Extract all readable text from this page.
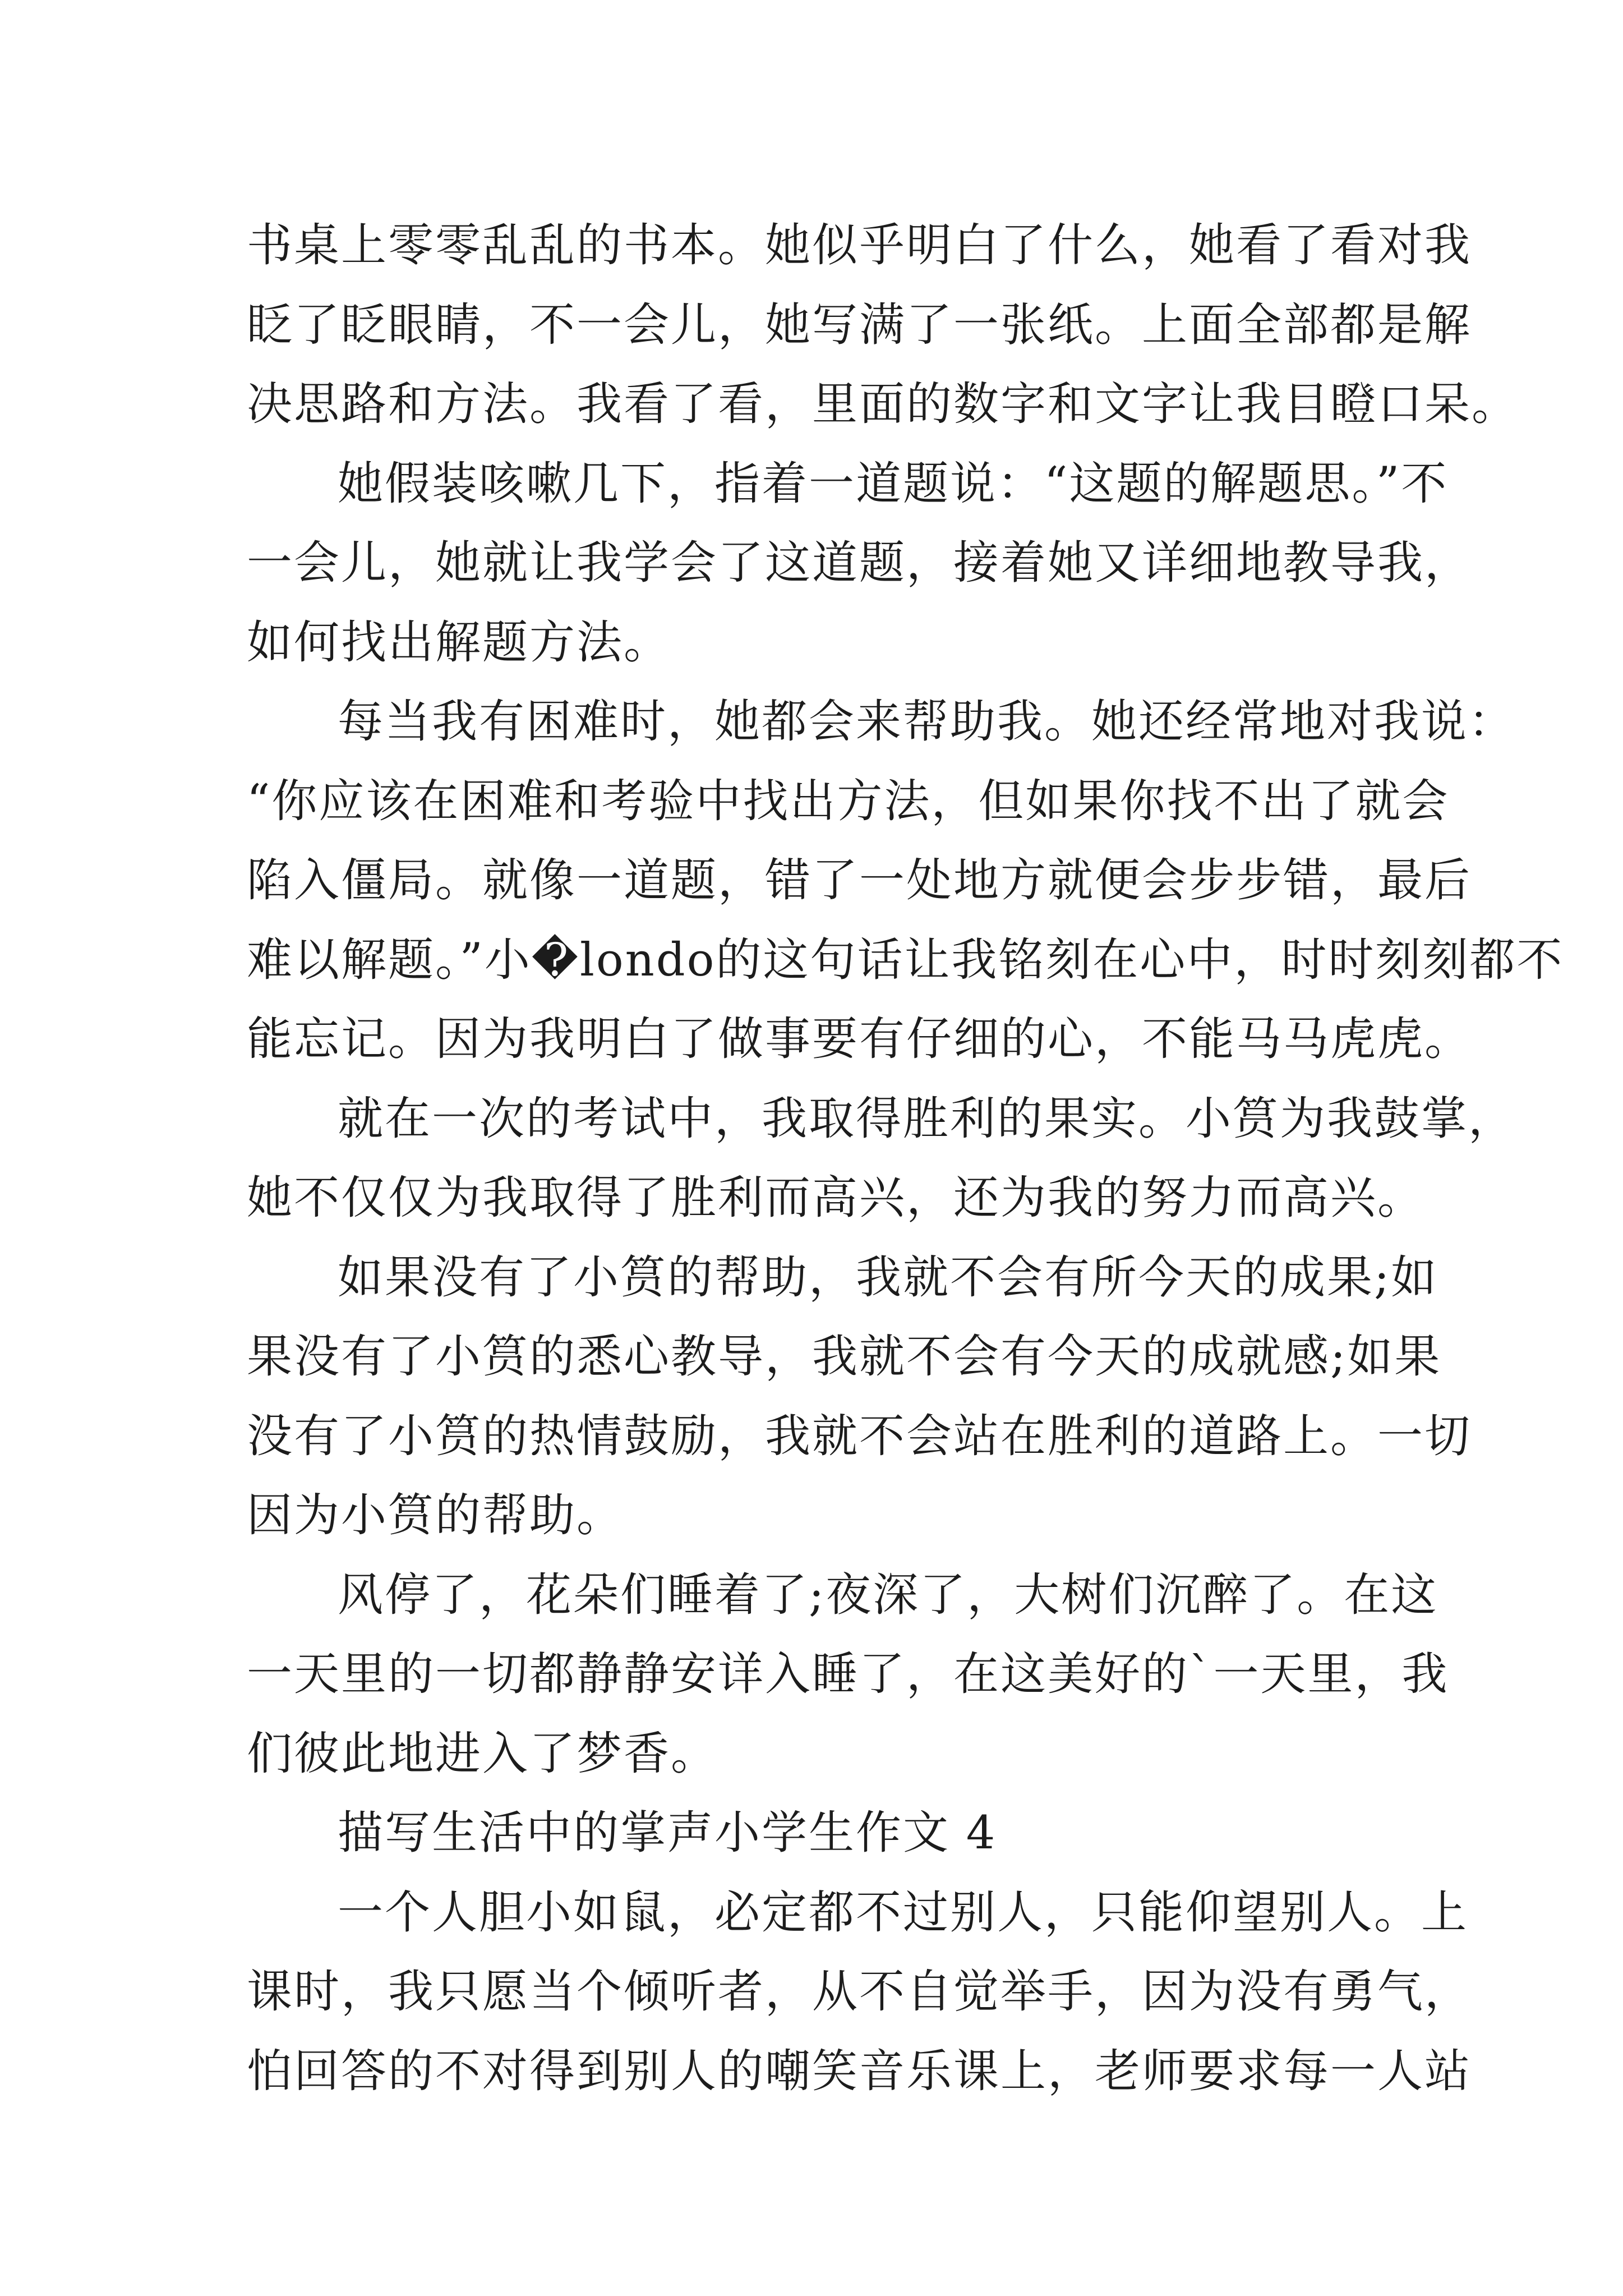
书桌上零零乱乱的书本。她似乎明白了什么，她看了看对我
眨了眨眼睛，不一会儿，她写满了一张纸。上面全部都是解
决思路和方法。我看了看，里面的数字和文字让我目瞪口呆。
她假装咳嗽几下，指着一道题说：“这题的解题思。”不
一会儿，她就让我学会了这道题，接着她又详细地教导我，
如何找出解题方法。
每当我有困难时，她都会来帮助我。她还经常地对我说：
“你应该在困难和考验中找出方法，但如果你找不出了就会
陷入僵局。就像一道题，错了一处地方就便会步步错，最后
难以解题。”小�londo的这句话让我铭刻在心中，时时刻刻都不
能忘记。因为我明白了做事要有仔细的心，不能马马虎虎。
就在一次的考试中，我取得胜利的果实。小筼为我鼓掌，
她不仅仅为我取得了胜利而高兴，还为我的努力而高兴。
如果没有了小筼的帮助，我就不会有所今天的成果;如
果没有了小筼的悉心教导，我就不会有今天的成就感;如果
没有了小筼的热情鼓励，我就不会站在胜利的道路上。一切
因为小筼的帮助。
风停了，花朵们睡着了;夜深了，大树们沉醉了。在这
一天里的一切都静静安详入睡了，在这美好的`一天里，我
们彼此地进入了梦香。
描写生活中的掌声小学生作文 4
一个人胆小如鼠，必定都不过别人，只能仰望别人。上
课时，我只愿当个倾听者，从不自觉举手，因为没有勇气，
怕回答的不对得到别人的嘲笑音乐课上，老师要求每一人站
